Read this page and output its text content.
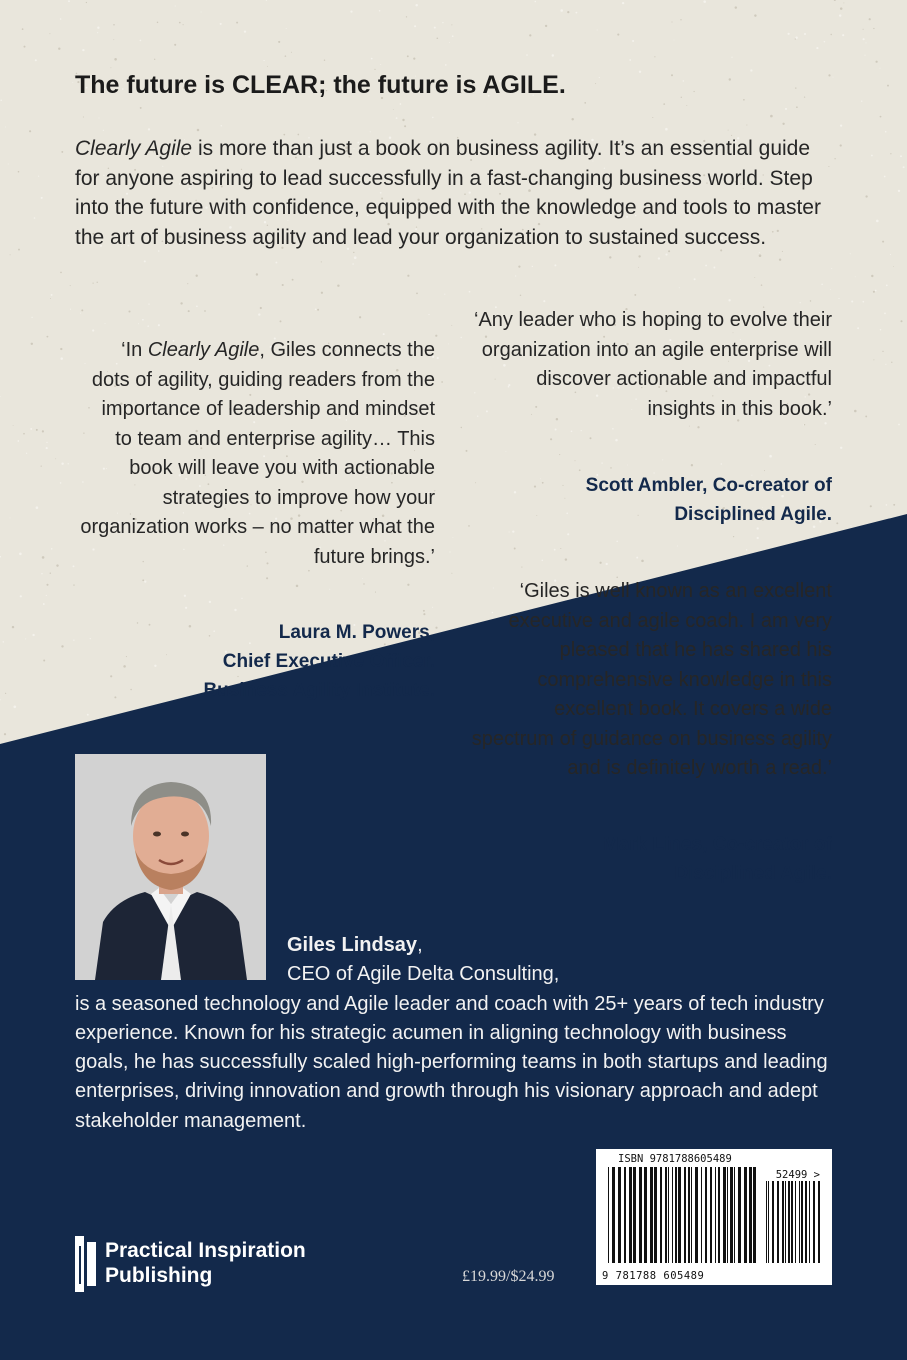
The future is CLEAR; the future is AGILE.

Clearly Agile is more than just a book on business agility. It’s an essential guide for anyone aspiring to lead successfully in a fast-changing business world. Step into the future with confidence, equipped with the knowledge and tools to master the art of business agility and lead your organization to sustained success.

‘In Clearly Agile, Giles connects the dots of agility, guiding readers from the importance of leadership and mindset to team and enterprise agility… This book will leave you with actionable strategies to improve how your organization works – no matter what the future brings.’

Laura M. Powers,
Chief Executive Officer.
Business Agility Institute.

‘Any leader who is hoping to evolve their organization into an agile enterprise will discover actionable and impactful insights in this book.’

Scott Ambler, Co-creator of
Disciplined Agile.

‘Giles is well known as an excellent executive and agile coach. I am very pleased that he has shared his comprehensive knowledge in this excellent book. It covers a wide spectrum of guidance on business agility and is definitely worth a read.’

Mark Lines, Co-creator of
Disciplined Agile.

Giles Lindsay,
CEO of Agile Delta Consulting,
is a seasoned technology and Agile leader and coach with 25+ years of tech industry experience. Known for his strategic acumen in aligning technology with business goals, he has successfully scaled high-performing teams in both startups and leading enterprises, driving innovation and growth through his visionary approach and adept stakeholder management.

Practical Inspiration
Publishing	£19.99/$24.99
ISBN 9781788605489
52499 >
9 781788 605489
